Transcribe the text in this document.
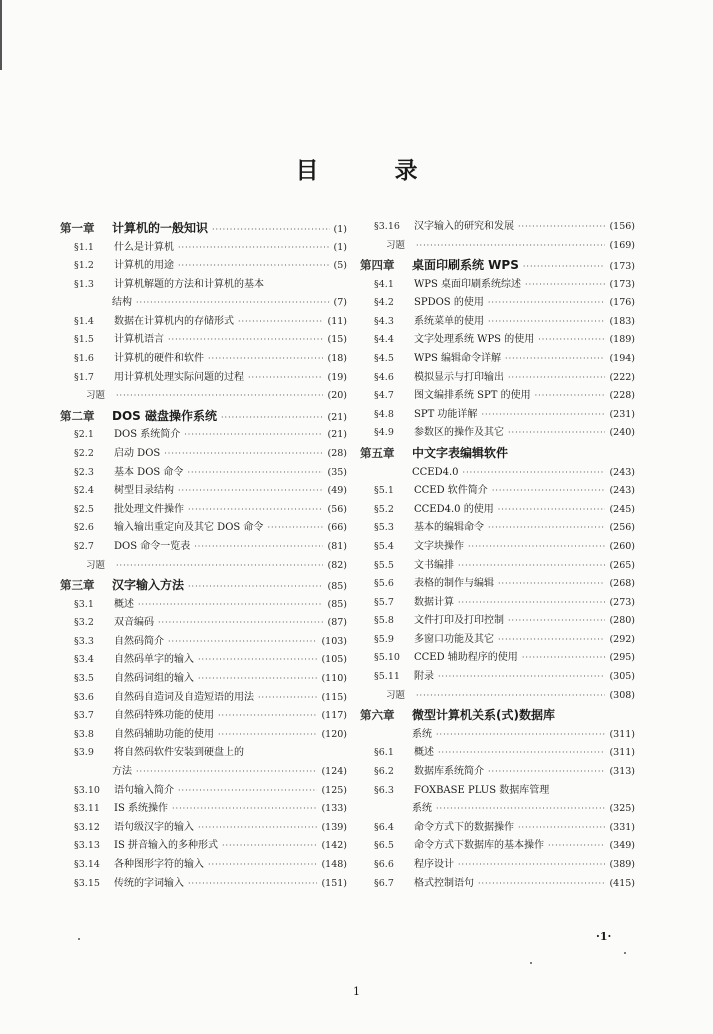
目 录
第一章	计算机的一般知识 ·····	(1)
§1.1	什么是计算机 ·····	(1)
§1.2	计算机的用途 ·····	(5)
§1.3	计算机解题的方法和计算机的基本
结构 ·····	(7)
§1.4	数据在计算机内的存储形式 ·····	(11)
§1.5	计算机语言 ·····	(15)
§1.6	计算机的硬件和软件 ·····	(18)
§1.7	用计算机处理实际问题的过程 ·····	(19)
习题 ·····	(20)
第二章	DOS 磁盘操作系统 ·····	(21)
§2.1	DOS 系统简介 ·····	(21)
§2.2	启动 DOS ·····	(28)
§2.3	基本 DOS 命令 ·····	(35)
§2.4	树型目录结构 ·····	(49)
§2.5	批处理文件操作 ·····	(56)
§2.6	输入输出重定向及其它 DOS 命令 ·····	(66)
§2.7	DOS 命令一览表 ·····	(81)
习题 ·····	(82)
第三章	汉字输入方法 ·····	(85)
§3.1	概述 ·····	(85)
§3.2	双音编码 ·····	(87)
§3.3	自然码简介 ·····	(103)
§3.4	自然码单字的输入 ·····	(105)
§3.5	自然码词组的输入 ·····	(110)
§3.6	自然码自造词及自造短语的用法 ·····	(115)
§3.7	自然码特殊功能的使用 ·····	(117)
§3.8	自然码辅助功能的使用 ·····	(120)
§3.9	将自然码软件安装到硬盘上的
方法 ·····	(124)
§3.10	语句输入简介 ·····	(125)
§3.11	IS 系统操作 ·····	(133)
§3.12	语句级汉字的输入 ·····	(139)
§3.13	IS 拼音输入的多种形式 ·····	(142)
§3.14	各种图形字符的输入 ·····	(148)
§3.15	传统的字词输入 ·····	(151)
§3.16	汉字输入的研究和发展 ·····	(156)
习题 ·····	(169)
第四章	桌面印刷系统 WPS ·····	(173)
§4.1	WPS 桌面印刷系统综述 ·····	(173)
§4.2	SPDOS 的使用 ·····	(176)
§4.3	系统菜单的使用 ·····	(183)
§4.4	文字处理系统 WPS 的使用 ·····	(189)
§4.5	WPS 编辑命令详解 ·····	(194)
§4.6	模拟显示与打印输出 ·····	(222)
§4.7	图文编排系统 SPT 的使用 ·····	(228)
§4.8	SPT 功能详解 ·····	(231)
§4.9	参数区的操作及其它 ·····	(240)
第五章	中文字表编辑软件
CCED4.0 ·····	(243)
§5.1	CCED 软件简介 ·····	(243)
§5.2	CCED4.0 的使用 ·····	(245)
§5.3	基本的编辑命令 ·····	(256)
§5.4	文字块操作 ·····	(260)
§5.5	文书编排 ·····	(265)
§5.6	表格的制作与编辑 ·····	(268)
§5.7	数据计算 ·····	(273)
§5.8	文件打印及打印控制 ·····	(280)
§5.9	多窗口功能及其它 ·····	(292)
§5.10	CCED 辅助程序的使用 ·····	(295)
§5.11	附录 ·····	(305)
习题 ·····	(308)
第六章	微型计算机关系(式)数据库
系统 ·····	(311)
§6.1	概述 ·····	(311)
§6.2	数据库系统简介 ·····	(313)
§6.3	FOXBASE PLUS 数据库管理
系统 ·····	(325)
§6.4	命令方式下的数据操作 ·····	(331)
§6.5	命令方式下数据库的基本操作 ·····	(349)
§6.6	程序设计 ·····	(389)
§6.7	格式控制语句 ·····	(415)
·1·
1
